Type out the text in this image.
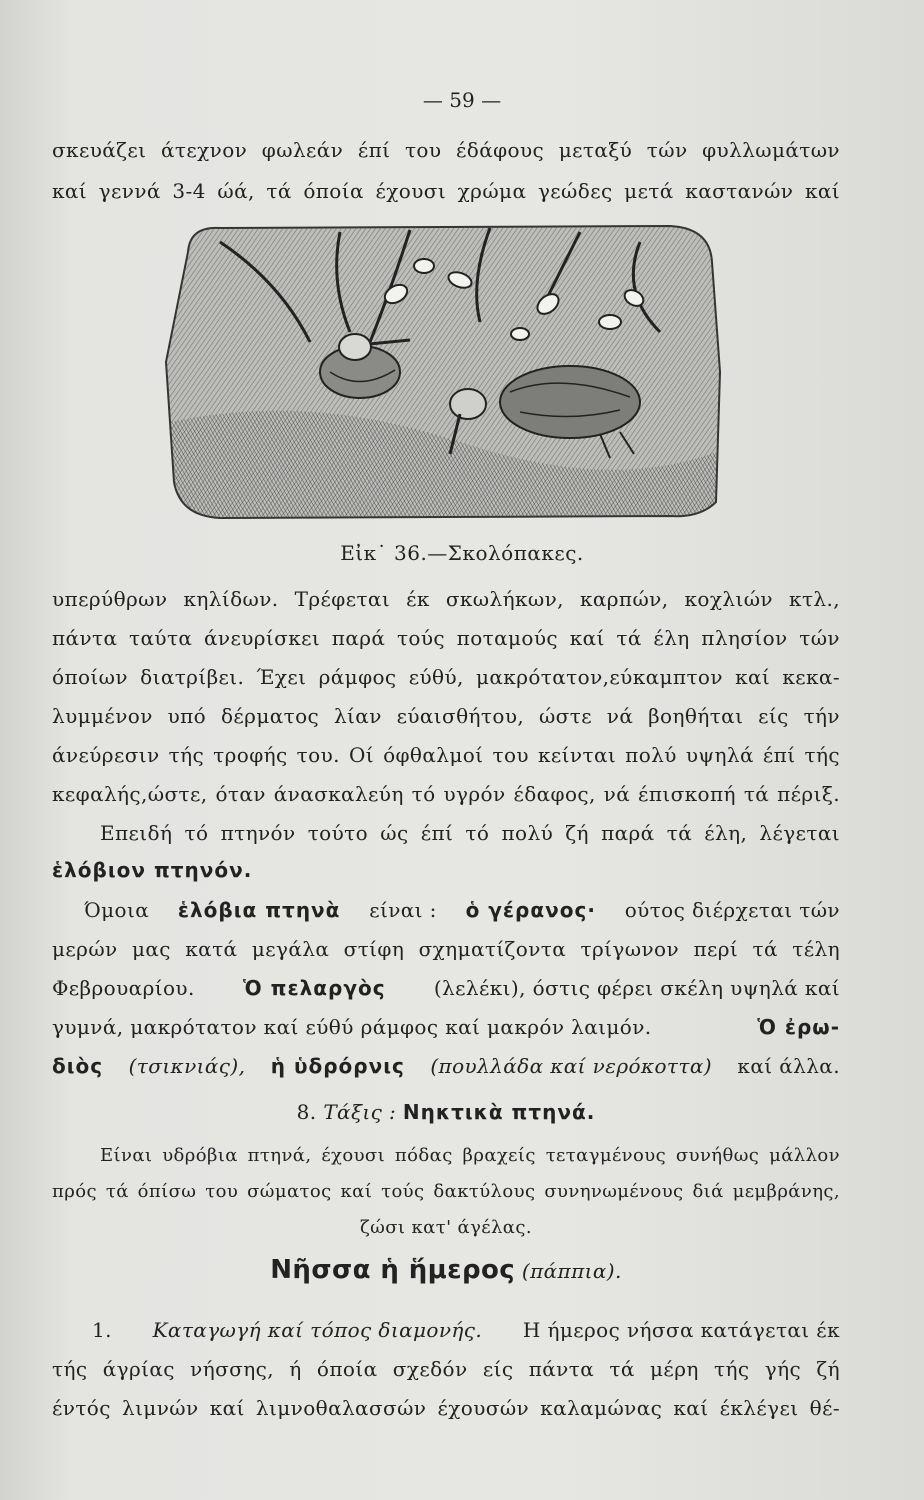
— 59 —
σκευάζει άτεχνον φωλεάν έπί του έδάφους μεταξύ τών φυλλωμάτων
καί γεννά 3-4 ώά, τά όποία έχουσι χρώμα γεώδες μετά καστανών καί
Εἰκ˙ 36.—Σκολόπακες.
υπερύθρων κηλίδων. Τρέφεται έκ σκωλήκων, καρπών, κοχλιών κτλ.,
πάντα ταύτα άνευρίσκει παρά τούς ποταμούς καί τά έλη πλησίον τών
όποίων διατρίβει. Έχει ράμφος εύθύ, μακρότατον,εύκαμπτον καί κεκα-
λυμμένον υπό δέρματος λίαν εύαισθήτου, ώστε νά βοηθήται είς τήν
άνεύρεσιν τής τροφής του. Οί όφθαλμοί του κείνται πολύ υψηλά έπί τής
κεφαλής,ώστε, όταν άνασκαλεύη τό υγρόν έδαφος, νά έπισκοπή τά πέριξ.
Επειδή τό πτηνόν τούτο ώς έπί τό πολύ ζή παρά τά έλη, λέγεται
ἑλόβιον πτηνόν.
Όμοια ἑλόβια πτηνὰ είναι : ὁ γέρανος· ούτος διέρχεται τών
μερών μας κατά μεγάλα στίφη σχηματίζοντα τρίγωνον περί τά τέλη
Φεβρουαρίου. Ὁ πελαργὸς (λελέκι), όστις φέρει σκέλη υψηλά καί
γυμνά, μακρότατον καί εύθύ ράμφος καί μακρόν λαιμόν.	Ὁ ἐρω-
διὸς (τσικνιάς), ἡ ὑδρόρνις (πουλλάδα καί νερόκοττα) καί άλλα.
8. Τάξις : Νηκτικὰ πτηνά.
Είναι υδρόβια πτηνά, έχουσι πόδας βραχείς τεταγμένους συνήθως μάλλον
πρός τά όπίσω του σώματος καί τούς δακτύλους συνηνωμένους διά μεμβράνης,
ζώσι κατ' άγέλας.
Νῆσσα ἡ ἥμερος (πάππια).
1. Καταγωγή καί τόπος διαμονής. Η ήμερος νήσσα κατάγεται έκ
τής άγρίας νήσσης, ή όποία σχεδόν είς πάντα τά μέρη τής γής ζή
έντός λιμνών καί λιμνοθαλασσών έχουσών καλαμώνας καί έκλέγει θέ-
